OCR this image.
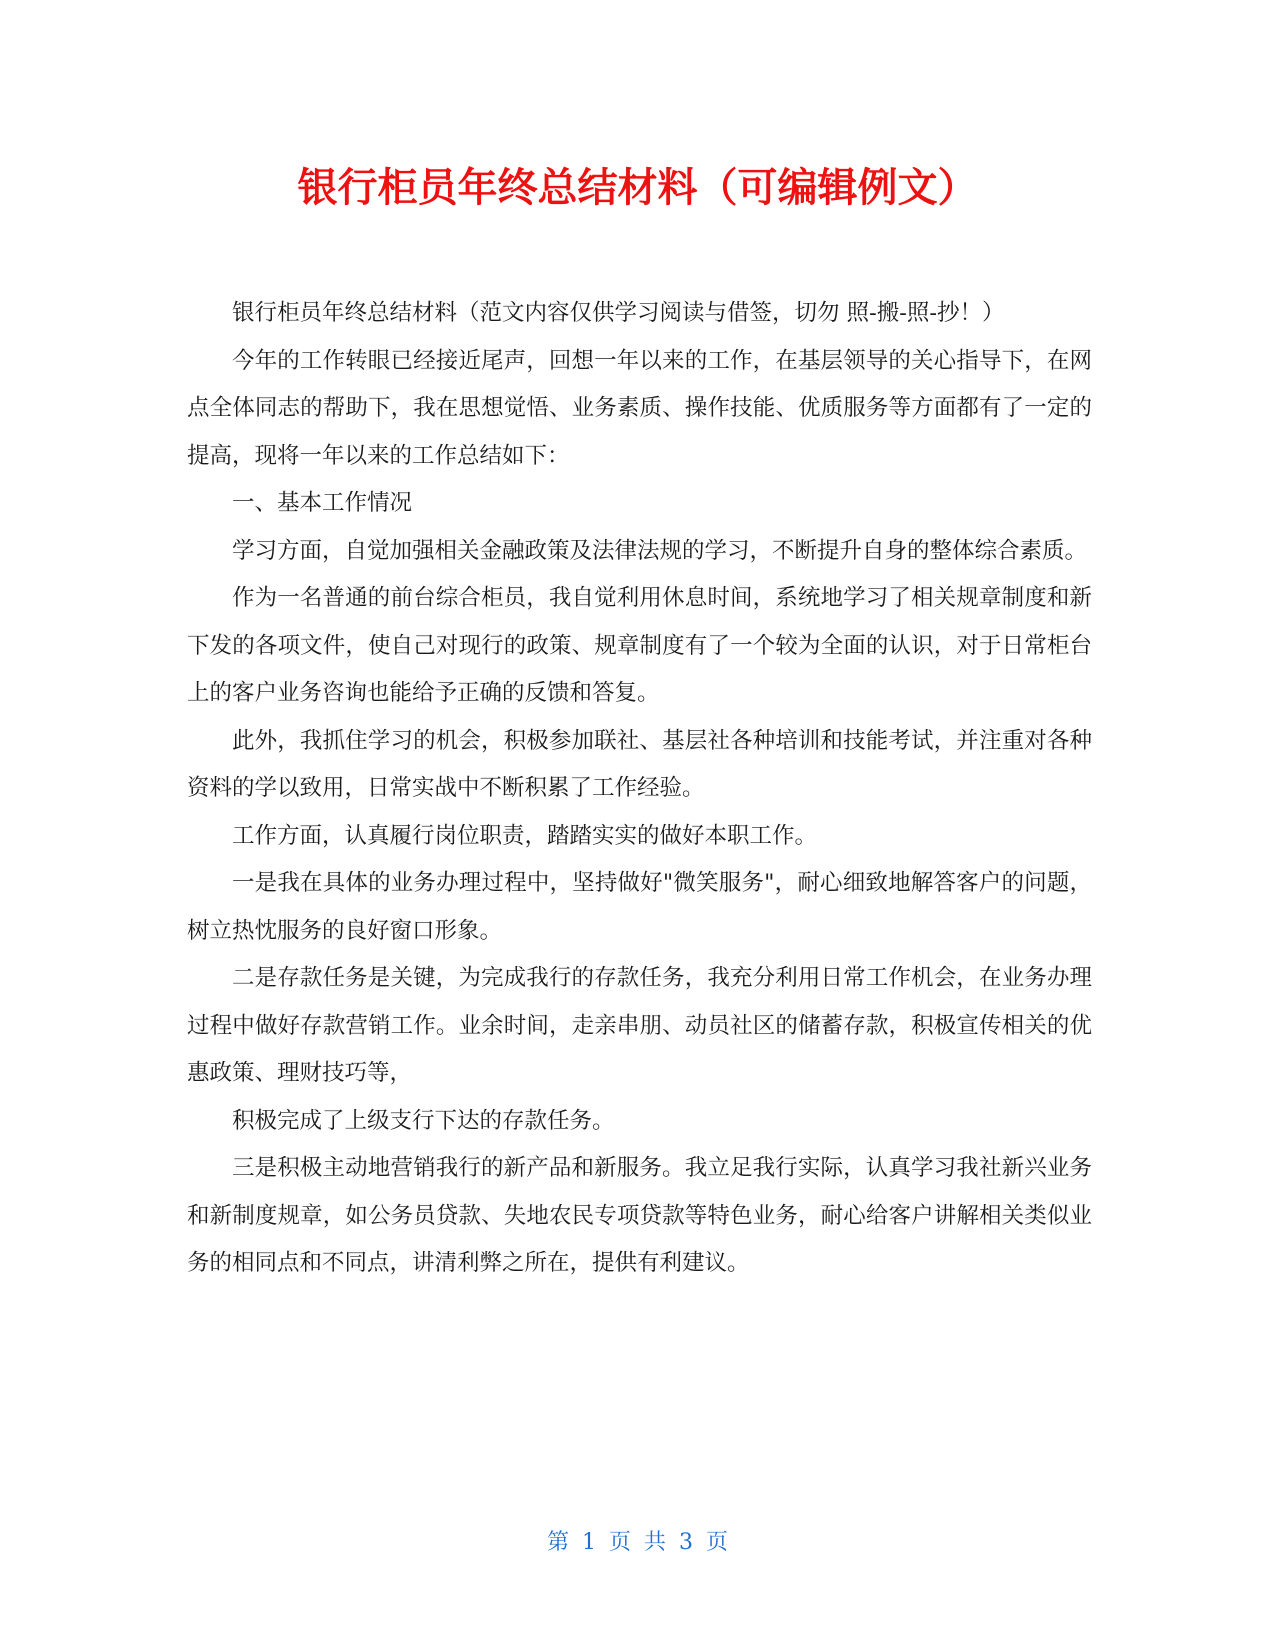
银行柜员年终总结材料（可编辑例文）

银行柜员年终总结材料（范文内容仅供学习阅读与借签，切勿 照-搬-照-抄！）

今年的工作转眼已经接近尾声，回想一年以来的工作，在基层领导的关心指导下，在网点全体同志的帮助下，我在思想觉悟、业务素质、操作技能、优质服务等方面都有了一定的提高，现将一年以来的工作总结如下：

一、基本工作情况

学习方面，自觉加强相关金融政策及法律法规的学习，不断提升自身的整体综合素质。

作为一名普通的前台综合柜员，我自觉利用休息时间，系统地学习了相关规章制度和新下发的各项文件，使自己对现行的政策、规章制度有了一个较为全面的认识，对于日常柜台上的客户业务咨询也能给予正确的反馈和答复。

此外，我抓住学习的机会，积极参加联社、基层社各种培训和技能考试，并注重对各种资料的学以致用，日常实战中不断积累了工作经验。

工作方面，认真履行岗位职责，踏踏实实的做好本职工作。

一是我在具体的业务办理过程中，坚持做好"微笑服务"，耐心细致地解答客户的问题，树立热忱服务的良好窗口形象。

二是存款任务是关键，为完成我行的存款任务，我充分利用日常工作机会，在业务办理过程中做好存款营销工作。业余时间，走亲串朋、动员社区的储蓄存款，积极宣传相关的优惠政策、理财技巧等，

积极完成了上级支行下达的存款任务。

三是积极主动地营销我行的新产品和新服务。我立足我行实际，认真学习我社新兴业务和新制度规章，如公务员贷款、失地农民专项贷款等特色业务，耐心给客户讲解相关类似业务的相同点和不同点，讲清利弊之所在，提供有利建议。

第 1 页 共 3 页
